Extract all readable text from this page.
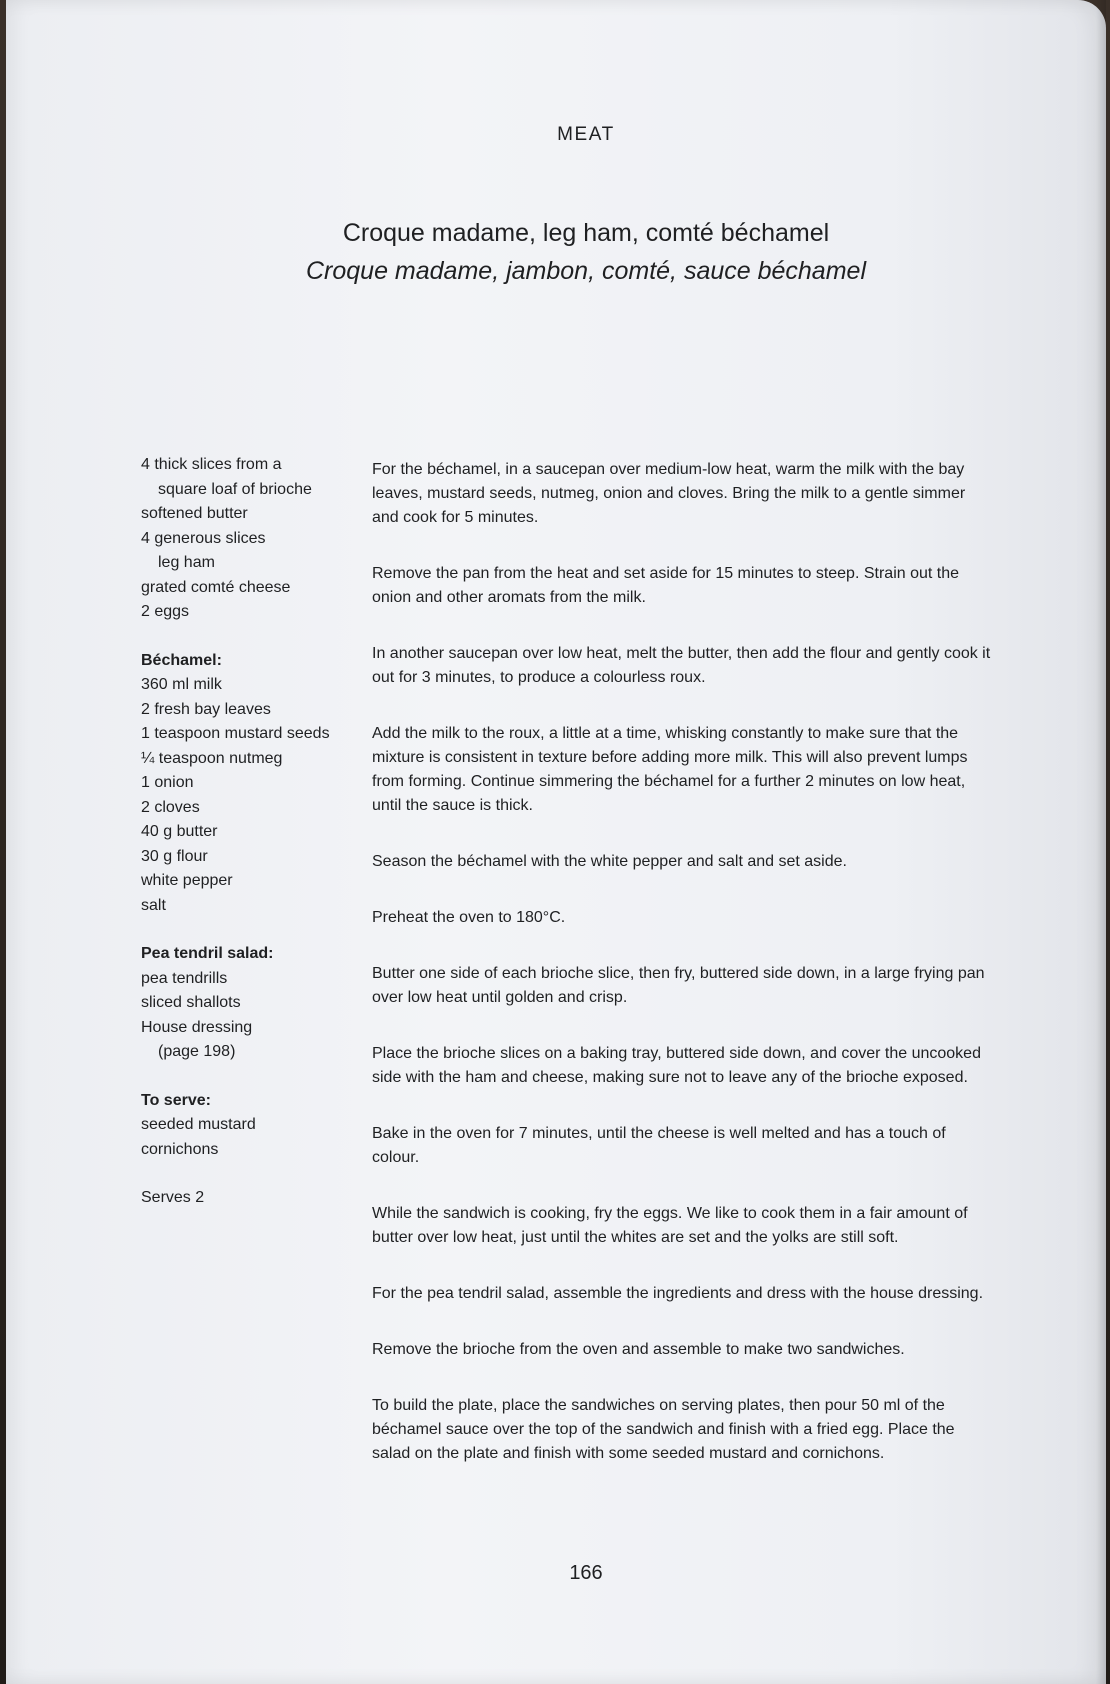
MEAT
Croque madame, leg ham, comté béchamel
Croque madame, jambon, comté, sauce béchamel
4 thick slices from a
square loaf of brioche
softened butter
4 generous slices
leg ham
grated comté cheese
2 eggs
Béchamel:
360 ml milk
2 fresh bay leaves
1 teaspoon mustard seeds
¼ teaspoon nutmeg
1 onion
2 cloves
40 g butter
30 g flour
white pepper
salt
Pea tendril salad:
pea tendrills
sliced shallots
House dressing
(page 198)
To serve:
seeded mustard
cornichons
Serves 2

For the béchamel, in a saucepan over medium-low heat, warm the milk with the bay leaves, mustard seeds, nutmeg, onion and cloves. Bring the milk to a gentle simmer and cook for 5 minutes.

Remove the pan from the heat and set aside for 15 minutes to steep. Strain out the onion and other aromats from the milk.

In another saucepan over low heat, melt the butter, then add the flour and gently cook it out for 3 minutes, to produce a colourless roux.

Add the milk to the roux, a little at a time, whisking constantly to make sure that the mixture is consistent in texture before adding more milk. This will also prevent lumps from forming. Continue simmering the béchamel for a further 2 minutes on low heat, until the sauce is thick.

Season the béchamel with the white pepper and salt and set aside.

Preheat the oven to 180°C.

Butter one side of each brioche slice, then fry, buttered side down, in a large frying pan over low heat until golden and crisp.

Place the brioche slices on a baking tray, buttered side down, and cover the uncooked side with the ham and cheese, making sure not to leave any of the brioche exposed.

Bake in the oven for 7 minutes, until the cheese is well melted and has a touch of colour.

While the sandwich is cooking, fry the eggs. We like to cook them in a fair amount of butter over low heat, just until the whites are set and the yolks are still soft.

For the pea tendril salad, assemble the ingredients and dress with the house dressing.

Remove the brioche from the oven and assemble to make two sandwiches.

To build the plate, place the sandwiches on serving plates, then pour 50 ml of the béchamel sauce over the top of the sandwich and finish with a fried egg. Place the salad on the plate and finish with some seeded mustard and cornichons.

166
